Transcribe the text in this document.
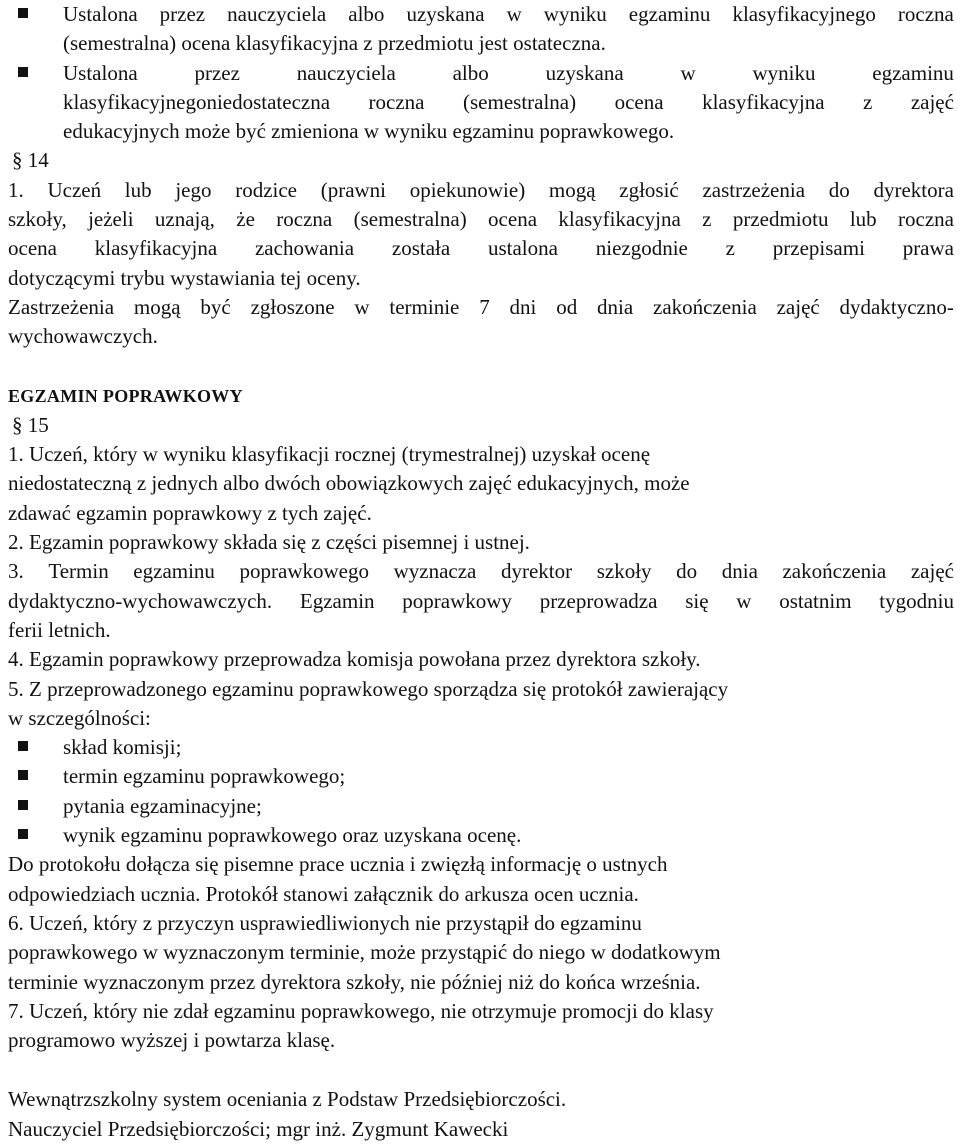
Ustalona przez nauczyciela albo uzyskana w wyniku egzaminu klasyfikacyjnego roczna
(semestralna) ocena klasyfikacyjna z przedmiotu jest ostateczna.
Ustalona	przez	nauczyciela	albo	uzyskana	w	wyniku	egzaminu
klasyfikacyjnegoniedostateczna roczna (semestralna) ocena klasyfikacyjna z zajęć
edukacyjnych może być zmieniona w wyniku egzaminu poprawkowego.
§ 14
1. Uczeń lub jego rodzice (prawni opiekunowie) mogą zgłosić zastrzeżenia do dyrektora
szkoły, jeżeli uznają, że roczna (semestralna) ocena klasyfikacyjna z przedmiotu lub roczna
ocena klasyfikacyjna zachowania została ustalona niezgodnie z przepisami prawa
dotyczącymi trybu wystawiania tej oceny.
Zastrzeżenia mogą być zgłoszone w terminie 7 dni od dnia zakończenia zajęć dydaktyczno-
wychowawczych.
EGZAMIN POPRAWKOWY
§ 15
1. Uczeń, który w wyniku klasyfikacji rocznej (trymestralnej) uzyskał ocenę
niedostateczną z jednych albo dwóch obowiązkowych zajęć edukacyjnych, może
zdawać egzamin poprawkowy z tych zajęć.
2. Egzamin poprawkowy składa się z części pisemnej i ustnej.
3. Termin egzaminu poprawkowego wyznacza dyrektor szkoły do dnia zakończenia zajęć
dydaktyczno-wychowawczych. Egzamin poprawkowy przeprowadza się w ostatnim tygodniu
ferii letnich.
4. Egzamin poprawkowy przeprowadza komisja powołana przez dyrektora szkoły.
5. Z przeprowadzonego egzaminu poprawkowego sporządza się protokół zawierający
w szczególności:
skład komisji;
termin egzaminu poprawkowego;
pytania egzaminacyjne;
wynik egzaminu poprawkowego oraz uzyskana ocenę.
Do protokołu dołącza się pisemne prace ucznia i zwięzłą informację o ustnych
odpowiedziach ucznia. Protokół stanowi załącznik do arkusza ocen ucznia.
6. Uczeń, który z przyczyn usprawiedliwionych nie przystąpił do egzaminu
poprawkowego w wyznaczonym terminie, może przystąpić do niego w dodatkowym
terminie wyznaczonym przez dyrektora szkoły, nie później niż do końca września.
7. Uczeń, który nie zdał egzaminu poprawkowego, nie otrzymuje promocji do klasy
programowo wyższej i powtarza klasę.
Wewnątrzszkolny system oceniania z Podstaw Przedsiębiorczości.
Nauczyciel Przedsiębiorczości; mgr inż. Zygmunt Kawecki
